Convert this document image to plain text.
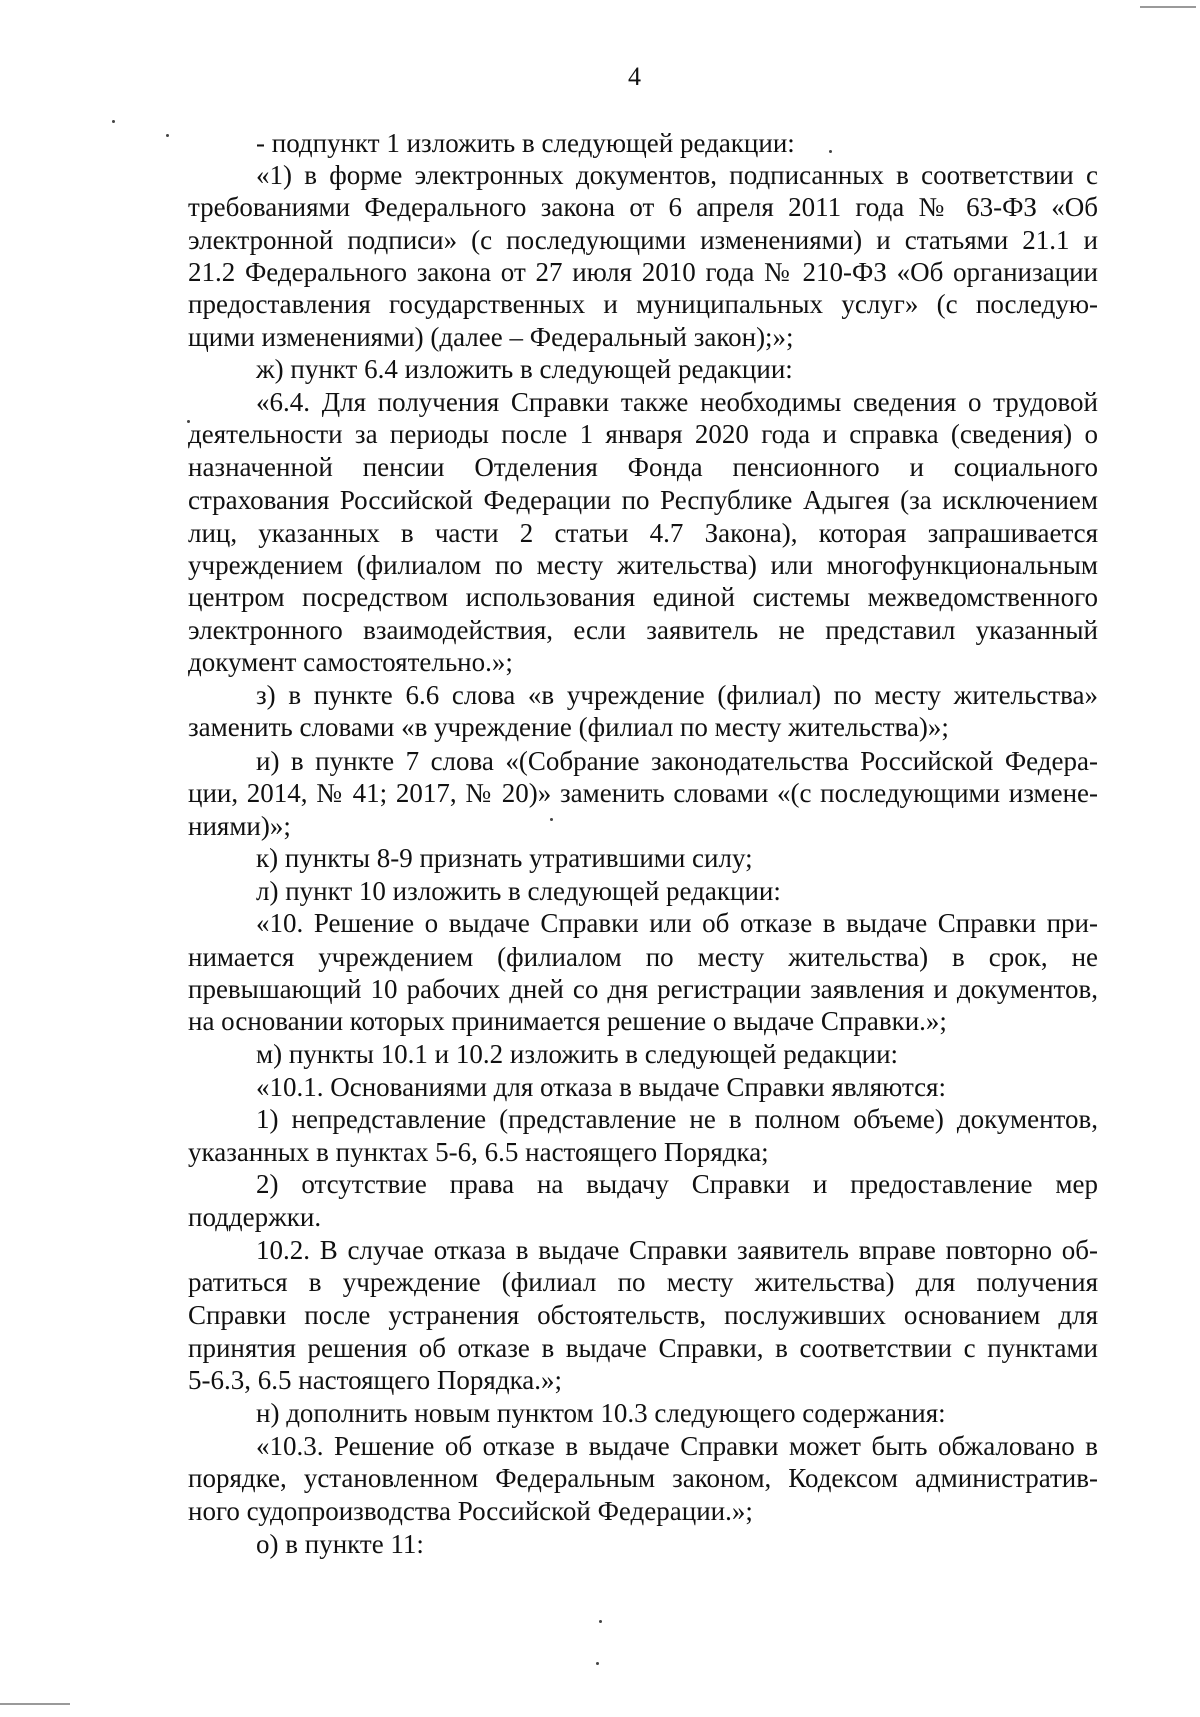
4
- подпункт 1 изложить в следующей редакции:
«1) в форме электронных документов, подписанных в соответствии с
требованиями Федерального закона от 6 апреля 2011 года № 63-ФЗ «Об
электронной подписи» (с последующими изменениями) и статьями 21.1 и
21.2 Федерального закона от 27 июля 2010 года № 210-ФЗ «Об организации
предоставления государственных и муниципальных услуг» (с последую-
щими изменениями) (далее – Федеральный закон);»;
ж) пункт 6.4 изложить в следующей редакции:
«6.4. Для получения Справки также необходимы сведения о трудовой
деятельности за периоды после 1 января 2020 года и справка (сведения) о
назначенной пенсии Отделения Фонда пенсионного и социального
страхования Российской Федерации по Республике Адыгея (за исключением
лиц, указанных в части 2 статьи 4.7 Закона), которая запрашивается
учреждением (филиалом по месту жительства) или многофункциональным
центром посредством использования единой системы межведомственного
электронного взаимодействия, если заявитель не представил указанный
документ самостоятельно.»;
з) в пункте 6.6 слова «в учреждение (филиал) по месту жительства»
заменить словами «в учреждение (филиал по месту жительства)»;
и) в пункте 7 слова «(Собрание законодательства Российской Федера-
ции, 2014, № 41; 2017, № 20)» заменить словами «(с последующими измене-
ниями)»;
к) пункты 8-9 признать утратившими силу;
л) пункт 10 изложить в следующей редакции:
«10. Решение о выдаче Справки или об отказе в выдаче Справки при-
нимается учреждением (филиалом по месту жительства) в срок, не
превышающий 10 рабочих дней со дня регистрации заявления и документов,
на основании которых принимается решение о выдаче Справки.»;
м) пункты 10.1 и 10.2 изложить в следующей редакции:
«10.1. Основаниями для отказа в выдаче Справки являются:
1) непредставление (представление не в полном объеме) документов,
указанных в пунктах 5-6, 6.5 настоящего Порядка;
2) отсутствие права на выдачу Справки и предоставление мер
поддержки.
10.2. В случае отказа в выдаче Справки заявитель вправе повторно об-
ратиться в учреждение (филиал по месту жительства) для получения
Справки после устранения обстоятельств, послуживших основанием для
принятия решения об отказе в выдаче Справки, в соответствии с пунктами
5-6.3, 6.5 настоящего Порядка.»;
н) дополнить новым пунктом 10.3 следующего содержания:
«10.3. Решение об отказе в выдаче Справки может быть обжаловано в
порядке, установленном Федеральным законом, Кодексом административ-
ного судопроизводства Российской Федерации.»;
о) в пункте 11:
